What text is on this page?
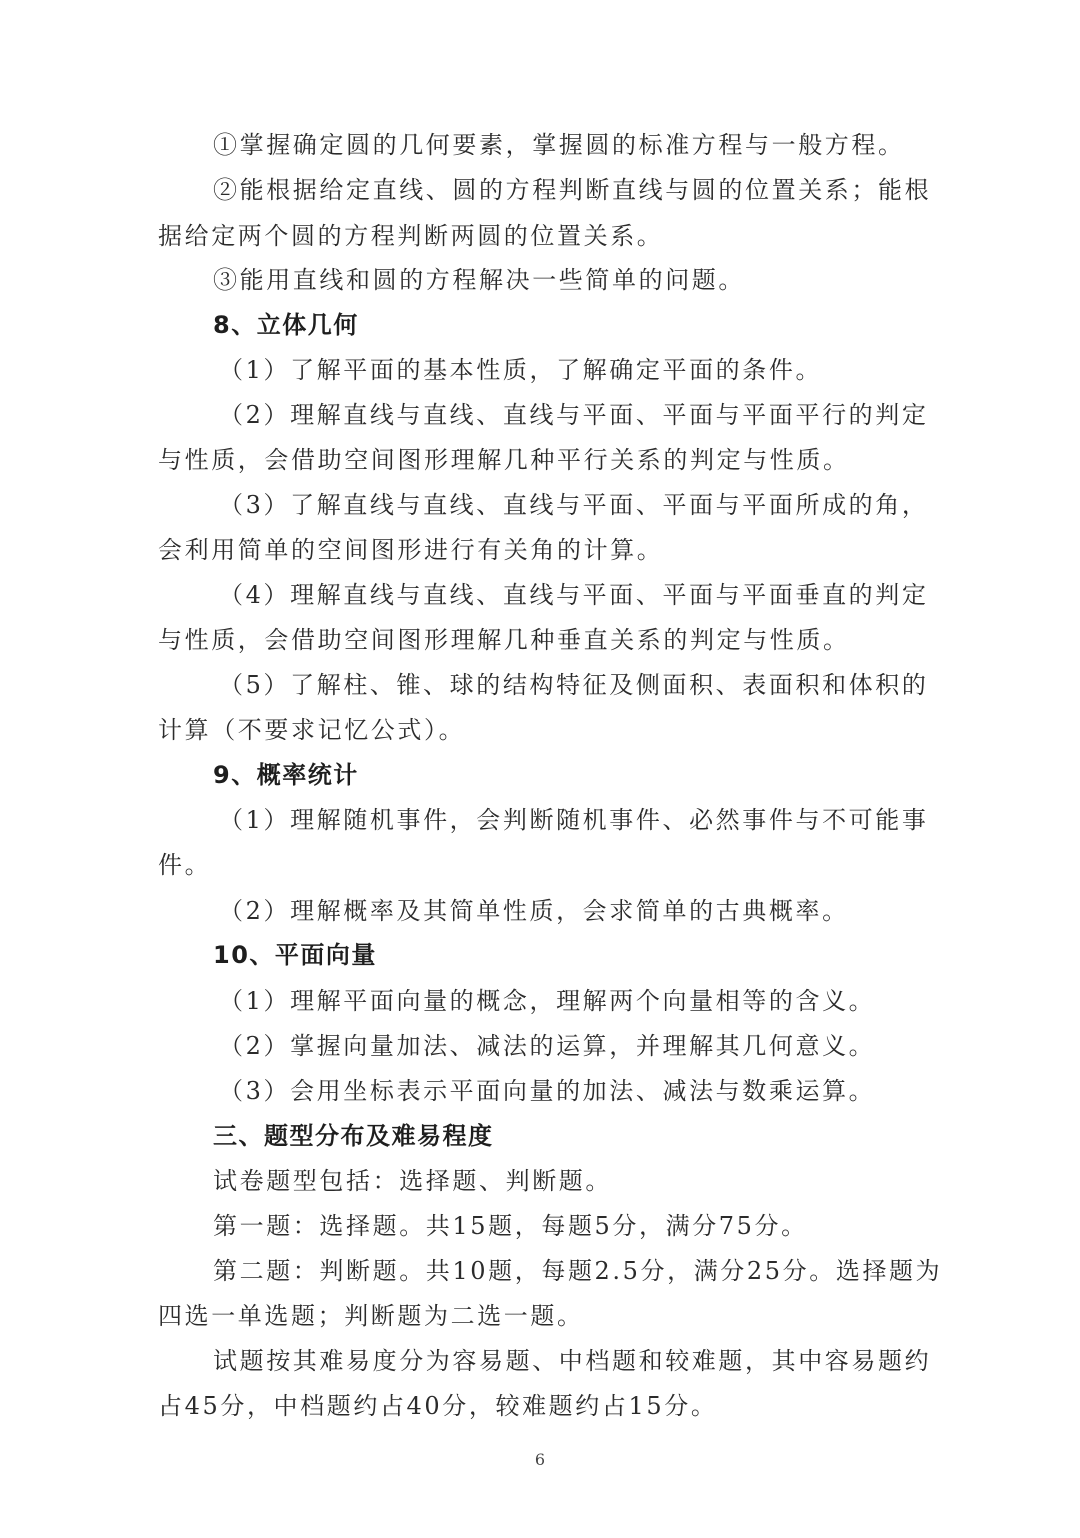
①掌握确定圆的几何要素，掌握圆的标准方程与一般方程。
②能根据给定直线、圆的方程判断直线与圆的位置关系；能根
据给定两个圆的方程判断两圆的位置关系。
③能用直线和圆的方程解决一些简单的问题。
8、立体几何
（1）了解平面的基本性质，了解确定平面的条件。
（2）理解直线与直线、直线与平面、平面与平面平行的判定
与性质，会借助空间图形理解几种平行关系的判定与性质。
（3）了解直线与直线、直线与平面、平面与平面所成的角，
会利用简单的空间图形进行有关角的计算。
（4）理解直线与直线、直线与平面、平面与平面垂直的判定
与性质，会借助空间图形理解几种垂直关系的判定与性质。
（5）了解柱、锥、球的结构特征及侧面积、表面积和体积的
计算（不要求记忆公式）。
9、概率统计
（1）理解随机事件，会判断随机事件、必然事件与不可能事
件。
（2）理解概率及其简单性质，会求简单的古典概率。
10、平面向量
（1）理解平面向量的概念，理解两个向量相等的含义。
（2）掌握向量加法、减法的运算，并理解其几何意义。
（3）会用坐标表示平面向量的加法、减法与数乘运算。
三、题型分布及难易程度
试卷题型包括：选择题、判断题。
第一题：选择题。共15题，每题5分，满分75分。
第二题：判断题。共10题，每题2.5分，满分25分。选择题为
四选一单选题；判断题为二选一题。
试题按其难易度分为容易题、中档题和较难题，其中容易题约
占45分，中档题约占40分，较难题约占15分。
6
